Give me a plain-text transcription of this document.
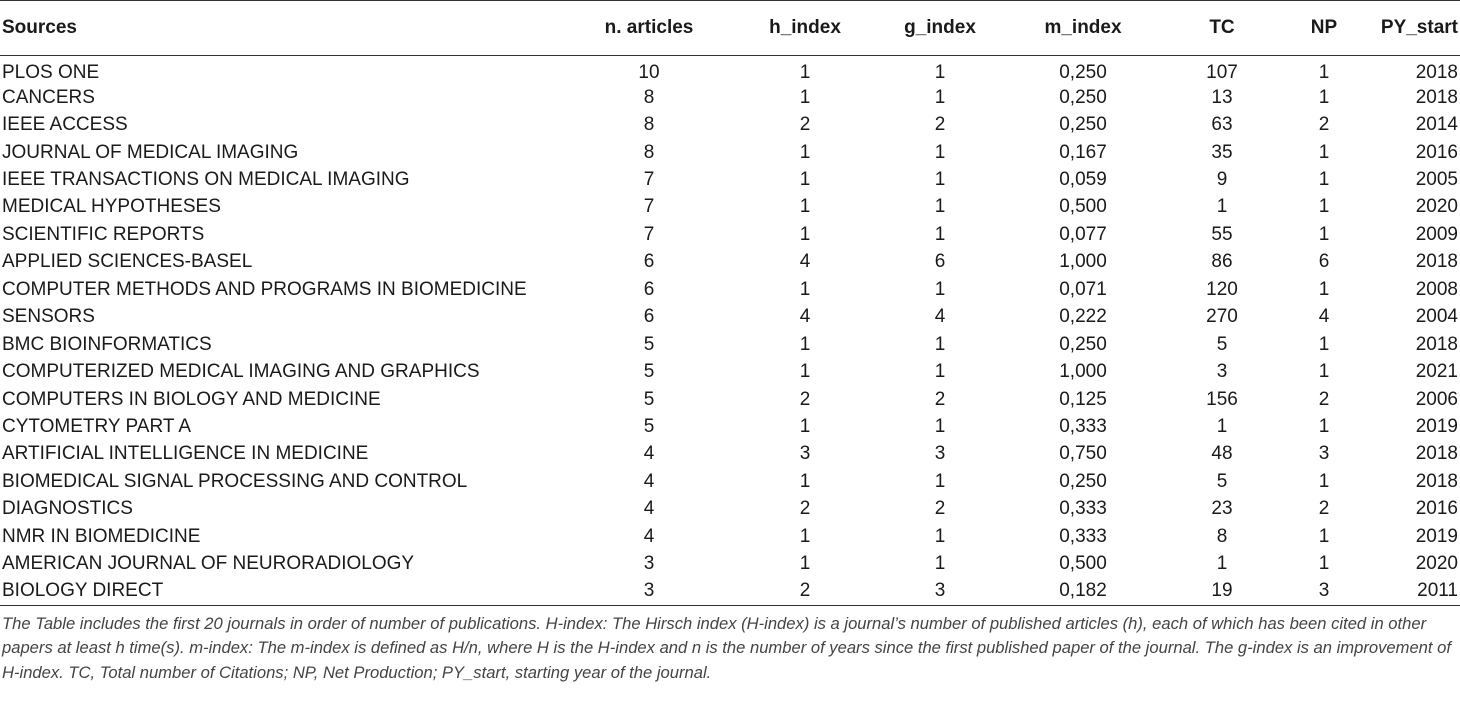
Sources	n. articles	h_index	g_index	m_index	TC	NP	PY_start
PLOS ONE	10	1	1	0,250	107	1	2018
CANCERS	8	1	1	0,250	13	1	2018
IEEE ACCESS	8	2	2	0,250	63	2	2014
JOURNAL OF MEDICAL IMAGING	8	1	1	0,167	35	1	2016
IEEE TRANSACTIONS ON MEDICAL IMAGING	7	1	1	0,059	9	1	2005
MEDICAL HYPOTHESES	7	1	1	0,500	1	1	2020
SCIENTIFIC REPORTS	7	1	1	0,077	55	1	2009
APPLIED SCIENCES-BASEL	6	4	6	1,000	86	6	2018
COMPUTER METHODS AND PROGRAMS IN BIOMEDICINE	6	1	1	0,071	120	1	2008
SENSORS	6	4	4	0,222	270	4	2004
BMC BIOINFORMATICS	5	1	1	0,250	5	1	2018
COMPUTERIZED MEDICAL IMAGING AND GRAPHICS	5	1	1	1,000	3	1	2021
COMPUTERS IN BIOLOGY AND MEDICINE	5	2	2	0,125	156	2	2006
CYTOMETRY PART A	5	1	1	0,333	1	1	2019
ARTIFICIAL INTELLIGENCE IN MEDICINE	4	3	3	0,750	48	3	2018
BIOMEDICAL SIGNAL PROCESSING AND CONTROL	4	1	1	0,250	5	1	2018
DIAGNOSTICS	4	2	2	0,333	23	2	2016
NMR IN BIOMEDICINE	4	1	1	0,333	8	1	2019
AMERICAN JOURNAL OF NEURORADIOLOGY	3	1	1	0,500	1	1	2020
BIOLOGY DIRECT	3	2	3	0,182	19	3	2011

The Table includes the first 20 journals in order of number of publications. H-index: The Hirsch index (H-index) is a journal’s number of published articles (h), each of which has been cited in other papers at least h time(s). m-index: The m-index is defined as H/n, where H is the H-index and n is the number of years since the first published paper of the journal. The g-index is an improvement of H-index. TC, Total number of Citations; NP, Net Production; PY_start, starting year of the journal.
